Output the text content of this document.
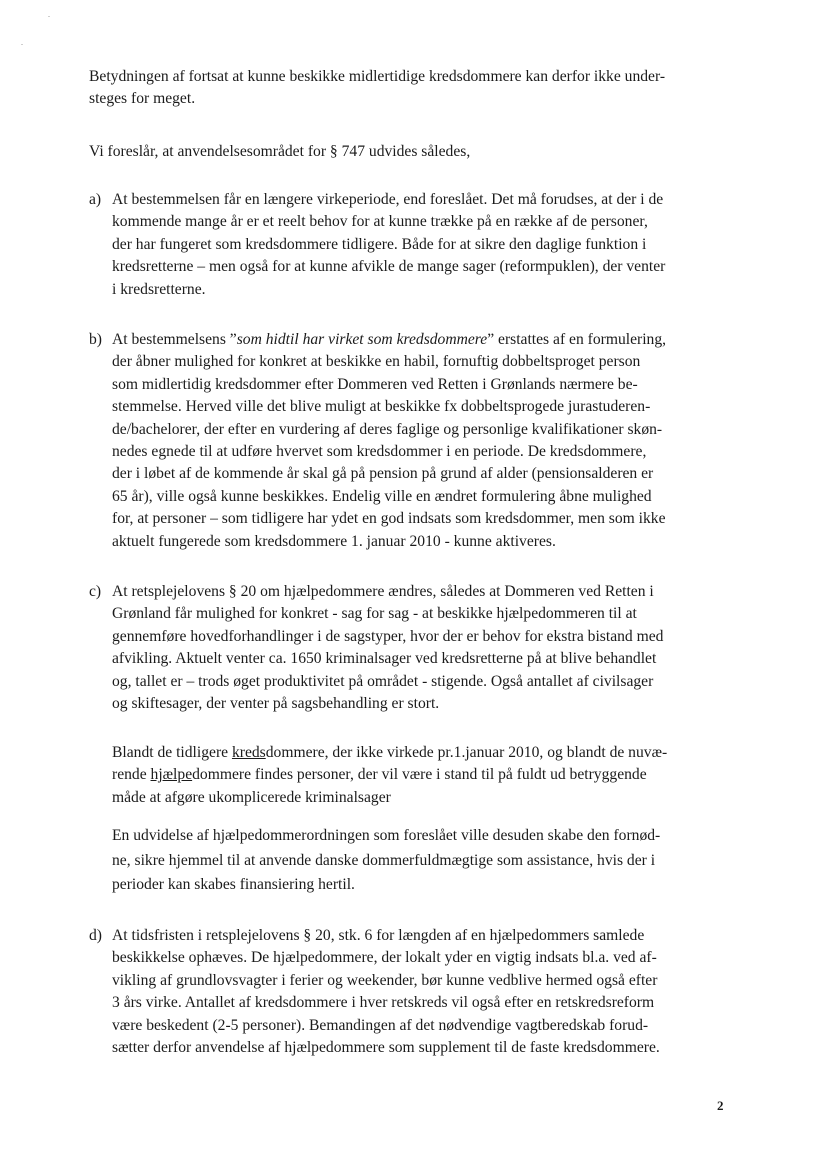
Betydningen af fortsat at kunne beskikke midlertidige kredsdommere kan derfor ikke under-
steges for meget.
Vi foreslår, at anvendelsesområdet for § 747 udvides således,
a) At bestemmelsen får en længere virkeperiode, end foreslået. Det må forudses, at der i de
kommende mange år er et reelt behov for at kunne trække på en række af de personer,
der har fungeret som kredsdommere tidligere. Både for at sikre den daglige funktion i
kredsretterne – men også for at kunne afvikle de mange sager (reformpuklen), der venter
i kredsretterne.
b) At bestemmelsens ”som hidtil har virket som kredsdommere” erstattes af en formulering,
der åbner mulighed for konkret at beskikke en habil, fornuftig dobbeltsproget person
som midlertidig kredsdommer efter Dommeren ved Retten i Grønlands nærmere be-
stemmelse. Herved ville det blive muligt at beskikke fx dobbeltsprogede jurastuderen-
de/bachelorer, der efter en vurdering af deres faglige og personlige kvalifikationer skøn-
nedes egnede til at udføre hvervet som kredsdommer i en periode. De kredsdommere,
der i løbet af de kommende år skal gå på pension på grund af alder (pensionsalderen er
65 år), ville også kunne beskikkes. Endelig ville en ændret formulering åbne mulighed
for, at personer – som tidligere har ydet en god indsats som kredsdommer, men som ikke
aktuelt fungerede som kredsdommere 1. januar 2010 - kunne aktiveres.
c) At retsplejelovens § 20 om hjælpedommere ændres, således at Dommeren ved Retten i
Grønland får mulighed for konkret - sag for sag - at beskikke hjælpedommeren til at
gennemføre hovedforhandlinger i de sagstyper, hvor der er behov for ekstra bistand med
afvikling. Aktuelt venter ca. 1650 kriminalsager ved kredsretterne på at blive behandlet
og, tallet er – trods øget produktivitet på området - stigende. Også antallet af civilsager
og skiftesager, der venter på sagsbehandling er stort.
Blandt de tidligere kredsdommere, der ikke virkede pr.1.januar 2010, og blandt de nuvæ-
rende hjælpedommere findes personer, der vil være i stand til på fuldt ud betryggende
måde at afgøre ukomplicerede kriminalsager
En udvidelse af hjælpedommerordningen som foreslået ville desuden skabe den fornød-
ne, sikre hjemmel til at anvende danske dommerfuldmægtige som assistance, hvis der i
perioder kan skabes finansiering hertil.
d) At tidsfristen i retsplejelovens § 20, stk. 6 for længden af en hjælpedommers samlede
beskikkelse ophæves. De hjælpedommere, der lokalt yder en vigtig indsats bl.a. ved af-
vikling af grundlovsvagter i ferier og weekender, bør kunne vedblive hermed også efter
3 års virke. Antallet af kredsdommere i hver retskreds vil også efter en retskredsreform
være beskedent (2-5 personer). Bemandingen af det nødvendige vagtberedskab forud-
sætter derfor anvendelse af hjælpedommere som supplement til de faste kredsdommere.
2
